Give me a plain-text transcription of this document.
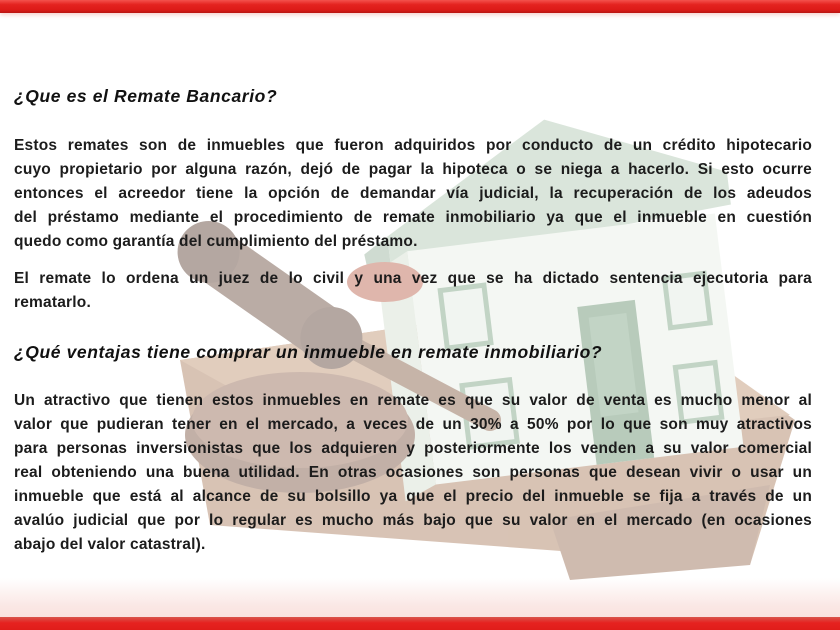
¿Que es el Remate Bancario?
Estos remates son de inmuebles que fueron adquiridos por conducto de un crédito hipotecario
cuyo propietario por alguna razón, dejó de pagar la hipoteca o se niega a hacerlo. Si esto ocurre
entonces el acreedor tiene la opción de demandar vía judicial, la recuperación de los adeudos
del préstamo mediante el procedimiento de remate inmobiliario ya que el inmueble en cuestión
quedo como garantía del cumplimiento del préstamo.
El remate lo ordena un juez de lo civil y una vez que se ha dictado sentencia ejecutoria para
rematarlo.
¿Qué ventajas tiene comprar un inmueble en remate inmobiliario?
Un atractivo que tienen estos inmuebles en remate es que su valor de venta es mucho menor al
valor que pudieran tener en el mercado, a veces de un 30% a 50% por lo que son muy atractivos
para personas inversionistas que los adquieren y posteriormente los venden a su valor comercial
real obteniendo una buena utilidad. En otras ocasiones son personas que desean vivir o usar un
inmueble que está al alcance de su bolsillo ya que el precio del inmueble se fija a través de un
avalúo judicial que por lo regular es mucho más bajo que su valor en el mercado (en ocasiones
abajo del valor catastral).
